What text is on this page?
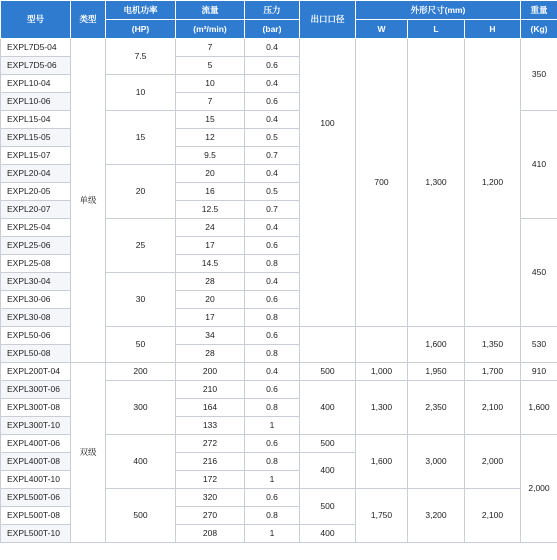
型号	类型	电机功率	流量	压力	出口口径	外形尺寸(mm)			重量
		(HP)	(m³/min)	(bar)		W	L	H	(Kg)
EXPL7D5-04	单级	7.5	7	0.4	100	700	1,300	1,200	350
EXPL7D5-06			5	0.6					
EXPL10-04		10	10	0.4					
EXPL10-06			7	0.6					
EXPL15-04		15	15	0.4					410
EXPL15-05			12	0.5					
EXPL15-07			9.5	0.7					
EXPL20-04		20	20	0.4					
EXPL20-05			16	0.5					
EXPL20-07			12.5	0.7					
EXPL25-04		25	24	0.4					450
EXPL25-06			17	0.6					
EXPL25-08			14.5	0.8					
EXPL30-04		30	28	0.4					
EXPL30-06			20	0.6					
EXPL30-08			17	0.8					
EXPL50-06		50	34	0.6			1,600	1,350	530
EXPL50-08			28	0.8					
EXPL200T-04	双级	200	200	0.4	500	1,000	1,950	1,700	910
EXPL300T-06		300	210	0.6	400	1,300	2,350	2,100	1,600
EXPL300T-08			164	0.8					
EXPL300T-10			133	1					
EXPL400T-06		400	272	0.6	500	1,600	3,000	2,000	2,000
EXPL400T-08			216	0.8	400				
EXPL400T-10			172	1					
EXPL500T-06		500	320	0.6	500	1,750	3,200	2,100	
EXPL500T-08			270	0.8					
EXPL500T-10			208	1	400				
